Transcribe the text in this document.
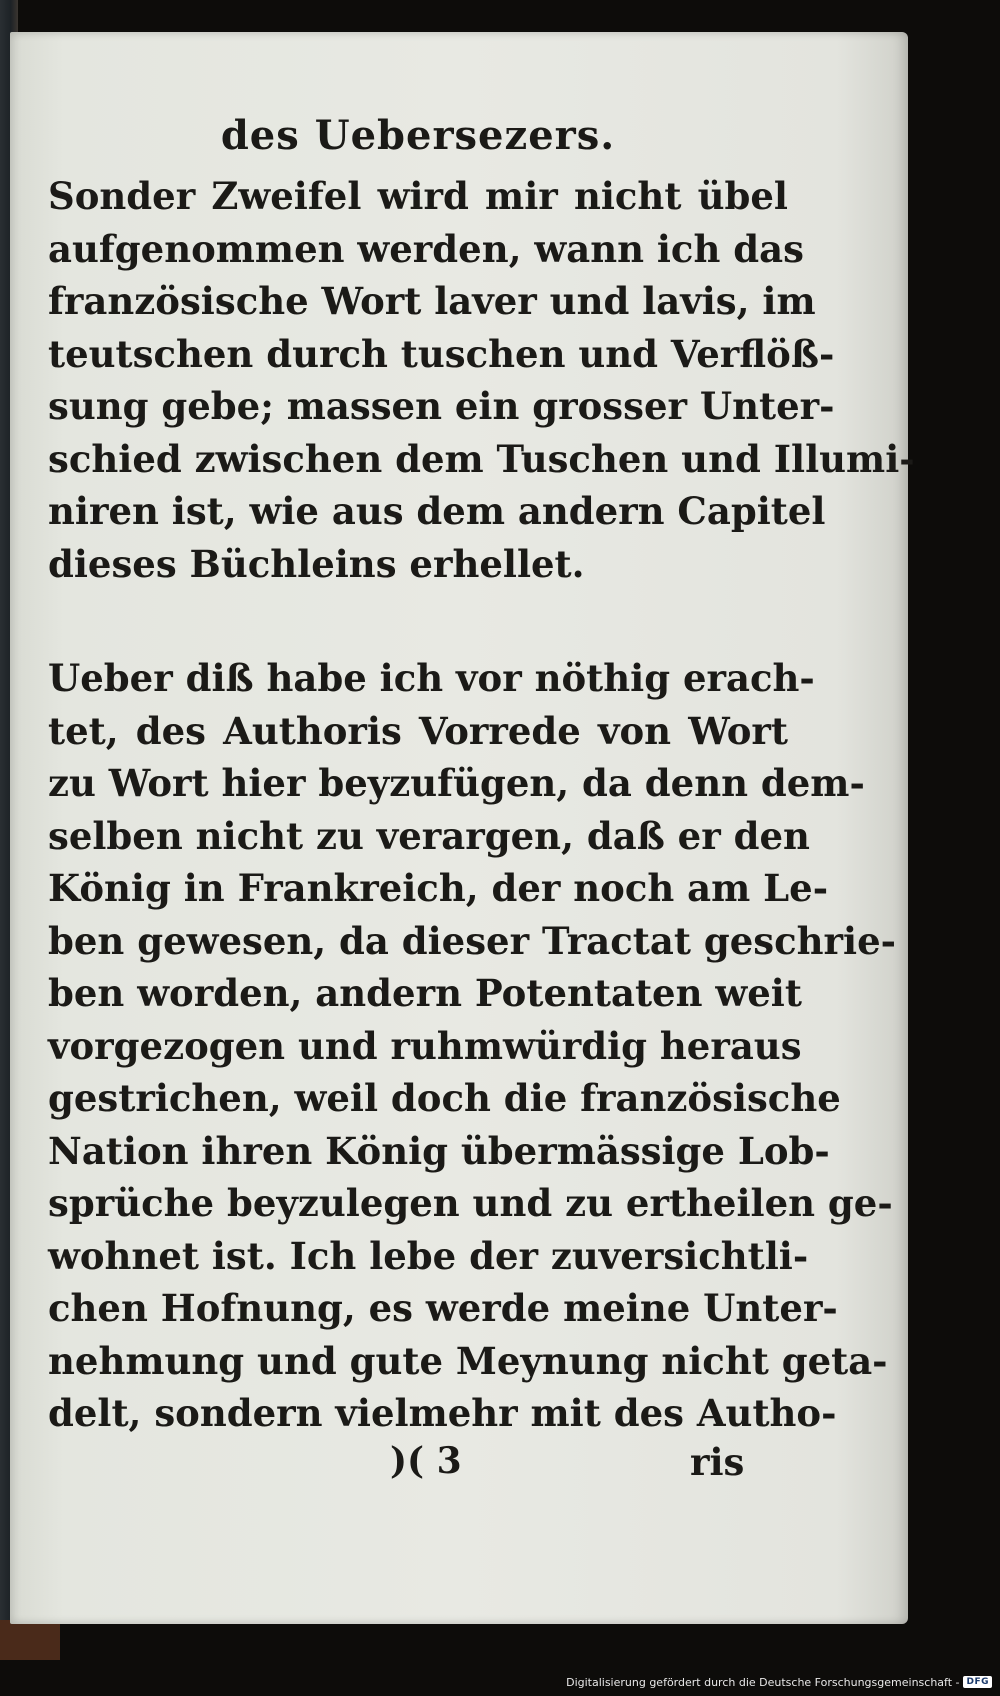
des Uebersezers.
Sonder Zweifel wird mir nicht übel
aufgenommen werden, wann ich das
französische Wort laver und lavis, im
teutschen durch tuschen und Verflöß-
sung gebe; massen ein grosser Unter-
schied zwischen dem Tuschen und Illumi-
niren ist, wie aus dem andern Capitel
dieses Büchleins erhellet.
Ueber diß habe ich vor nöthig erach-
tet, des Authoris Vorrede von Wort
zu Wort hier beyzufügen, da denn dem-
selben nicht zu verargen, daß er den
König in Frankreich, der noch am Le-
ben gewesen, da dieser Tractat geschrie-
ben worden, andern Potentaten weit
vorgezogen und ruhmwürdig heraus
gestrichen, weil doch die französische
Nation ihren König übermässige Lob-
sprüche beyzulegen und zu ertheilen ge-
wohnet ist. Ich lebe der zuversichtli-
chen Hofnung, es werde meine Unter-
nehmung und gute Meynung nicht geta-
delt, sondern vielmehr mit des Autho-
)( 3	ris
Digitalisierung gefördert durch die Deutsche Forschungsgemeinschaft - DFG
